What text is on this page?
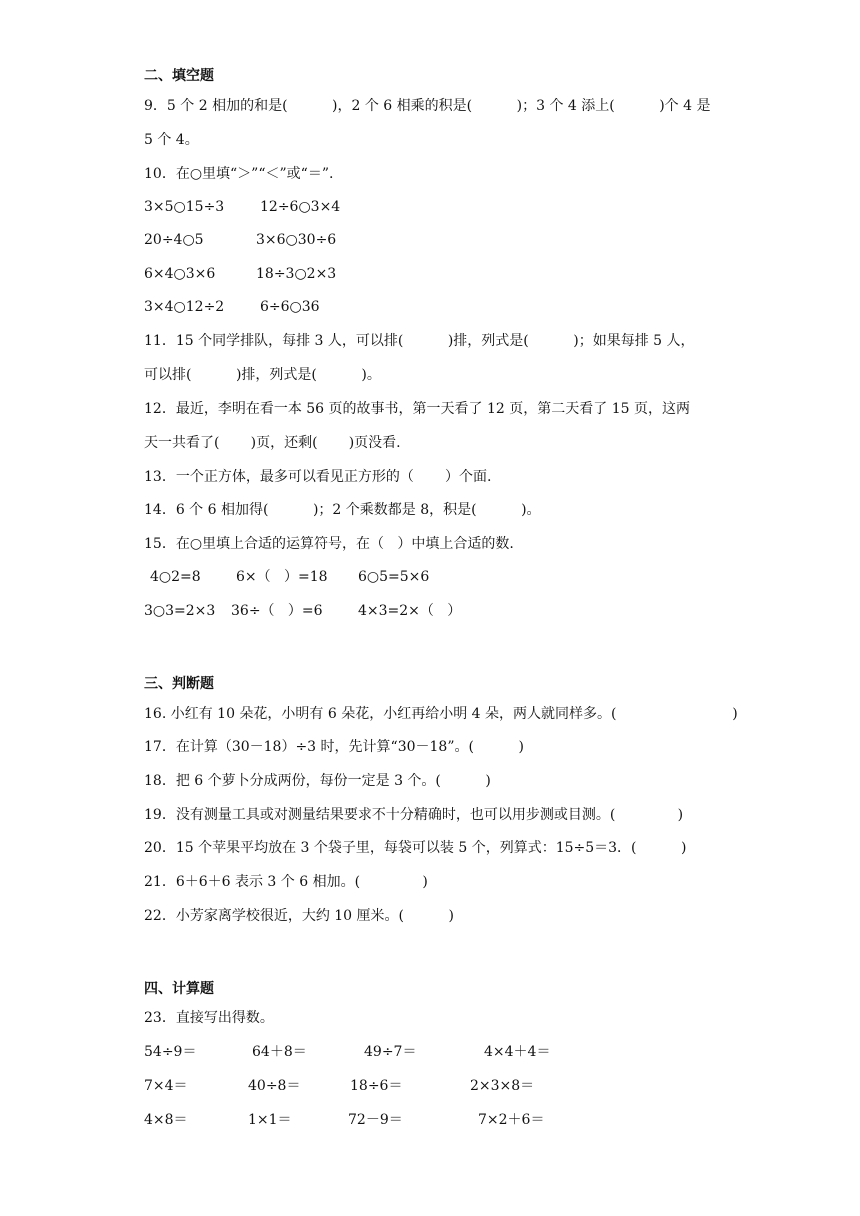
二、填空题
9．5 个 2 相加的和是(          )，2 个 6 相乘的积是(          )；3 个 4 添上(          )个 4 是
5 个 4。
10．在○里填“＞”“＜”或“＝”.
3×5○15÷3	12÷6○3×4
20÷4○5	3×6○30÷6
6×4○3×6	18÷3○2×3
3×4○12÷2	6÷6○36
11．15 个同学排队，每排 3 人，可以排(          )排，列式是(          )；如果每排 5 人，
可以排(          )排，列式是(          )。
12．最近，李明在看一本 56 页的故事书，第一天看了 12 页，第二天看了 15 页，这两
天一共看了(       )页，还剩(       )页没看.
13．一个正方体，最多可以看见正方形的（       ）个面.
14．6 个 6 相加得(          )；2 个乘数都是 8，积是(          )。
15．在○里填上合适的运算符号，在（   ）中填上合适的数.
4○2=8	6×（   ）=18 6○5=5×6
3○3=2×3 36÷（   ）=6	4×3=2×（   ）
三、判断题
16. 小红有 10 朵花，小明有 6 朵花，小红再给小明 4 朵，两人就同样多。(                          )
17．在计算（30－18）÷3 时，先计算“30－18”。(          )
18．把 6 个萝卜分成两份，每份一定是 3 个。(          )
19．没有测量工具或对测量结果要求不十分精确时，也可以用步测或目测。(              )
20．15 个苹果平均放在 3 个袋子里，每袋可以装 5 个，列算式：15÷5＝3．(          )
21．6＋6＋6 表示 3 个 6 相加。(              )
22．小芳家离学校很近，大约 10 厘米。(          )
四、计算题
23．直接写出得数。
54÷9＝	64＋8＝	49÷7＝	4×4＋4＝
7×4＝	40÷8＝	18÷6＝	2×3×8＝
4×8＝	1×1＝	72－9＝	7×2＋6＝
